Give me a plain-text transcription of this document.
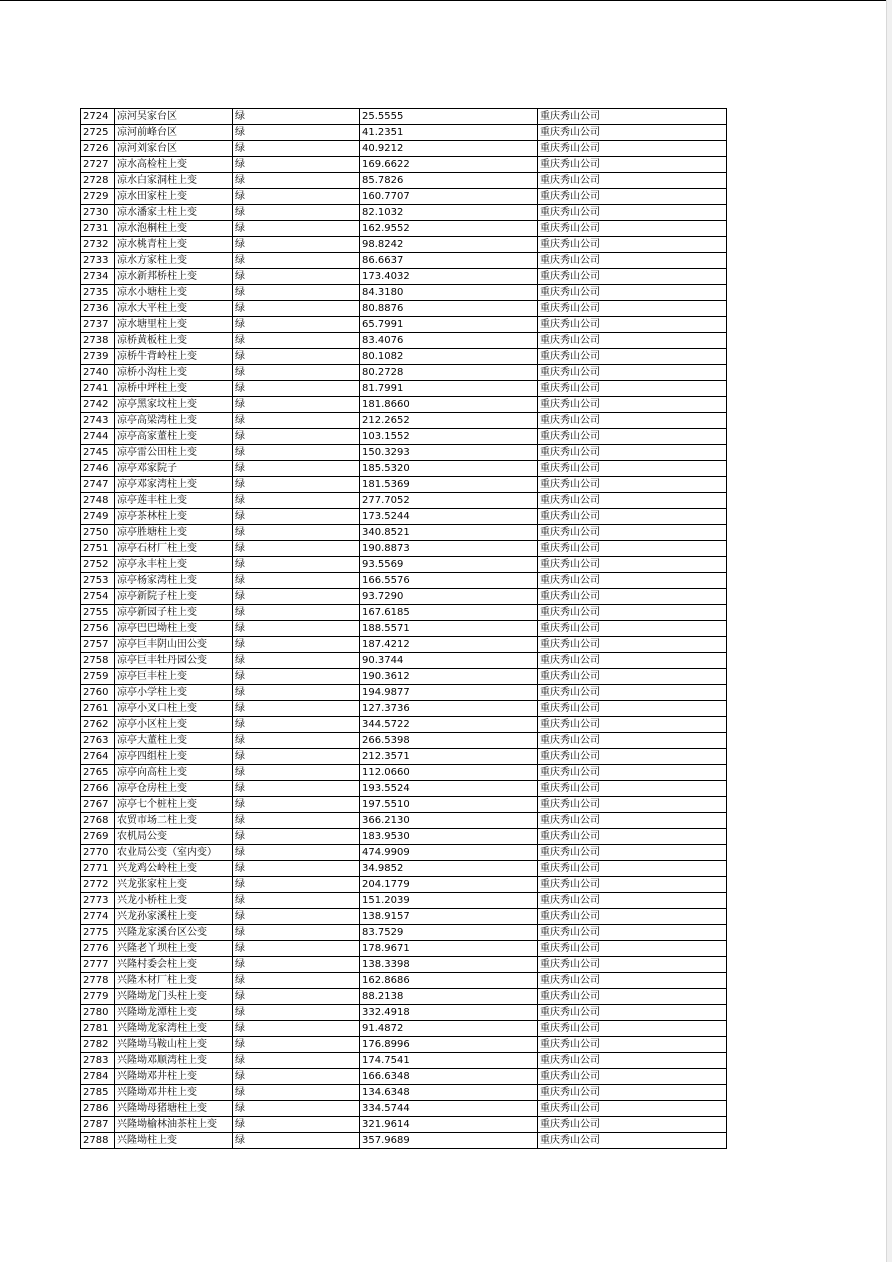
2724	凉河吴家台区	绿	25.5555	重庆秀山公司
2725	凉河前峰台区	绿	41.2351	重庆秀山公司
2726	凉河刘家台区	绿	40.9212	重庆秀山公司
2727	凉水高检柱上变	绿	169.6622	重庆秀山公司
2728	凉水白家洞柱上变	绿	85.7826	重庆秀山公司
2729	凉水田家柱上变	绿	160.7707	重庆秀山公司
2730	凉水潘家土柱上变	绿	82.1032	重庆秀山公司
2731	凉水泡桐柱上变	绿	162.9552	重庆秀山公司
2732	凉水桃青柱上变	绿	98.8242	重庆秀山公司
2733	凉水方家柱上变	绿	86.6637	重庆秀山公司
2734	凉水新邦桥柱上变	绿	173.4032	重庆秀山公司
2735	凉水小塘柱上变	绿	84.3180	重庆秀山公司
2736	凉水大平柱上变	绿	80.8876	重庆秀山公司
2737	凉水塘里柱上变	绿	65.7991	重庆秀山公司
2738	凉桥黄板柱上变	绿	83.4076	重庆秀山公司
2739	凉桥牛背岭柱上变	绿	80.1082	重庆秀山公司
2740	凉桥小沟柱上变	绿	80.2728	重庆秀山公司
2741	凉桥中坪柱上变	绿	81.7991	重庆秀山公司
2742	凉亭黑家坟柱上变	绿	181.8660	重庆秀山公司
2743	凉亭高梁湾柱上变	绿	212.2652	重庆秀山公司
2744	凉亭高家董柱上变	绿	103.1552	重庆秀山公司
2745	凉亭雷公田柱上变	绿	150.3293	重庆秀山公司
2746	凉亭邓家院子	绿	185.5320	重庆秀山公司
2747	凉亭邓家湾柱上变	绿	181.5369	重庆秀山公司
2748	凉亭莲丰柱上变	绿	277.7052	重庆秀山公司
2749	凉亭茶林柱上变	绿	173.5244	重庆秀山公司
2750	凉亭胜塘柱上变	绿	340.8521	重庆秀山公司
2751	凉亭石材厂柱上变	绿	190.8873	重庆秀山公司
2752	凉亭永丰柱上变	绿	93.5569	重庆秀山公司
2753	凉亭杨家湾柱上变	绿	166.5576	重庆秀山公司
2754	凉亭新院子柱上变	绿	93.7290	重庆秀山公司
2755	凉亭新园子柱上变	绿	167.6185	重庆秀山公司
2756	凉亭巴巴坳柱上变	绿	188.5571	重庆秀山公司
2757	凉亭巨丰阴山田公变	绿	187.4212	重庆秀山公司
2758	凉亭巨丰牡丹园公变	绿	90.3744	重庆秀山公司
2759	凉亭巨丰柱上变	绿	190.3612	重庆秀山公司
2760	凉亭小学柱上变	绿	194.9877	重庆秀山公司
2761	凉亭小叉口柱上变	绿	127.3736	重庆秀山公司
2762	凉亭小区柱上变	绿	344.5722	重庆秀山公司
2763	凉亭大董柱上变	绿	266.5398	重庆秀山公司
2764	凉亭四组柱上变	绿	212.3571	重庆秀山公司
2765	凉亭向高柱上变	绿	112.0660	重庆秀山公司
2766	凉亭仓房柱上变	绿	193.5524	重庆秀山公司
2767	凉亭七个桩柱上变	绿	197.5510	重庆秀山公司
2768	农贸市场二柱上变	绿	366.2130	重庆秀山公司
2769	农机局公变	绿	183.9530	重庆秀山公司
2770	农业局公变（室内变）	绿	474.9909	重庆秀山公司
2771	兴龙鸡公岭柱上变	绿	34.9852	重庆秀山公司
2772	兴龙张家柱上变	绿	204.1779	重庆秀山公司
2773	兴龙小桥柱上变	绿	151.2039	重庆秀山公司
2774	兴龙孙家溪柱上变	绿	138.9157	重庆秀山公司
2775	兴隆龙家溪台区公变	绿	83.7529	重庆秀山公司
2776	兴隆老丫坝柱上变	绿	178.9671	重庆秀山公司
2777	兴隆村委会柱上变	绿	138.3398	重庆秀山公司
2778	兴隆木材厂柱上变	绿	162.8686	重庆秀山公司
2779	兴隆坳龙门头柱上变	绿	88.2138	重庆秀山公司
2780	兴隆坳龙潭柱上变	绿	332.4918	重庆秀山公司
2781	兴隆坳龙家湾柱上变	绿	91.4872	重庆秀山公司
2782	兴隆坳马鞍山柱上变	绿	176.8996	重庆秀山公司
2783	兴隆坳邓顺湾柱上变	绿	174.7541	重庆秀山公司
2784	兴隆坳邓井柱上变	绿	166.6348	重庆秀山公司
2785	兴隆坳邓井柱上变	绿	134.6348	重庆秀山公司
2786	兴隆坳母猪塘柱上变	绿	334.5744	重庆秀山公司
2787	兴隆坳榆林油茶柱上变	绿	321.9614	重庆秀山公司
2788	兴隆坳柱上变	绿	357.9689	重庆秀山公司
